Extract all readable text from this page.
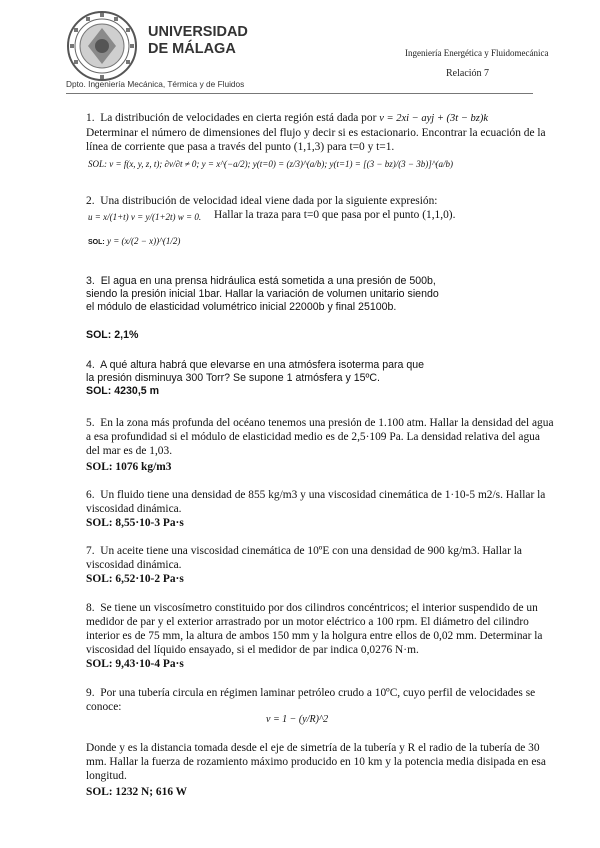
UNIVERSIDAD
DE MÁLAGA
Dpto. Ingeniería Mecánica, Térmica y de Fluidos
Ingeniería Energética y Fluidomecánica
Relación 7
1. La distribución de velocidades en cierta región está dada por v = 2xi − ayj + (3t − bz)k
Determinar el número de dimensiones del flujo y decir si es estacionario. Encontrar la ecuación de la línea de corriente que pasa a través del punto (1,1,3) para t=0 y t=1.
SOL: v = f(x, y, z, t); ∂v/∂t ≠ 0; y = x^(−a/2); y(t=0) = (z/3)^(a/b); y(t=1) = [(3 − bz)/(3 − 3b)]^(a/b)
2. Una distribución de velocidad ideal viene dada por la siguiente expresión:
u = x/(1+t) v = y/(1+2t) w = 0.	Hallar la traza para t=0 que pasa por el punto (1,1,0).
SOL: y = (x/(2 − x))^(1/2)
3. El agua en una prensa hidráulica está sometida a una presión de 500b, siendo la presión inicial 1bar. Hallar la variación de volumen unitario siendo el módulo de elasticidad volumétrico inicial 22000b y final 25100b.
SOL: 2,1%
4. A qué altura habrá que elevarse en una atmósfera isoterma para que la presión disminuya 300 Torr? Se supone 1 atmósfera y 15ºC.
SOL: 4230,5 m
5. En la zona más profunda del océano tenemos una presión de 1.100 atm. Hallar la densidad del agua a esa profundidad si el módulo de elasticidad medio es de 2,5·109 Pa. La densidad relativa del agua del mar es de 1,03.
SOL: 1076 kg/m3
6. Un fluido tiene una densidad de 855 kg/m3 y una viscosidad cinemática de 1·10-5 m2/s. Hallar la viscosidad dinámica.
SOL: 8,55·10-3 Pa·s
7. Un aceite tiene una viscosidad cinemática de 10ºE con una densidad de 900 kg/m3. Hallar la viscosidad dinámica.
SOL: 6,52·10-2 Pa·s
8. Se tiene un viscosímetro constituido por dos cilindros concéntricos; el interior suspendido de un medidor de par y el exterior arrastrado por un motor eléctrico a 100 rpm. El diámetro del cilindro interior es de 75 mm, la altura de ambos 150 mm y la holgura entre ellos de 0,02 mm. Determinar la viscosidad del líquido ensayado, si el medidor de par indica 0,0276 N·m.
SOL: 9,43·10-4 Pa·s
9. Por una tubería circula en régimen laminar petróleo crudo a 10ºC, cuyo perfil de velocidades se conoce:
v = 1 − (y/R)^2
Donde y es la distancia tomada desde el eje de simetría de la tubería y R el radio de la tubería de 30 mm. Hallar la fuerza de rozamiento máximo producido en 10 km y la potencia media disipada en esa longitud.
SOL: 1232 N; 616 W
